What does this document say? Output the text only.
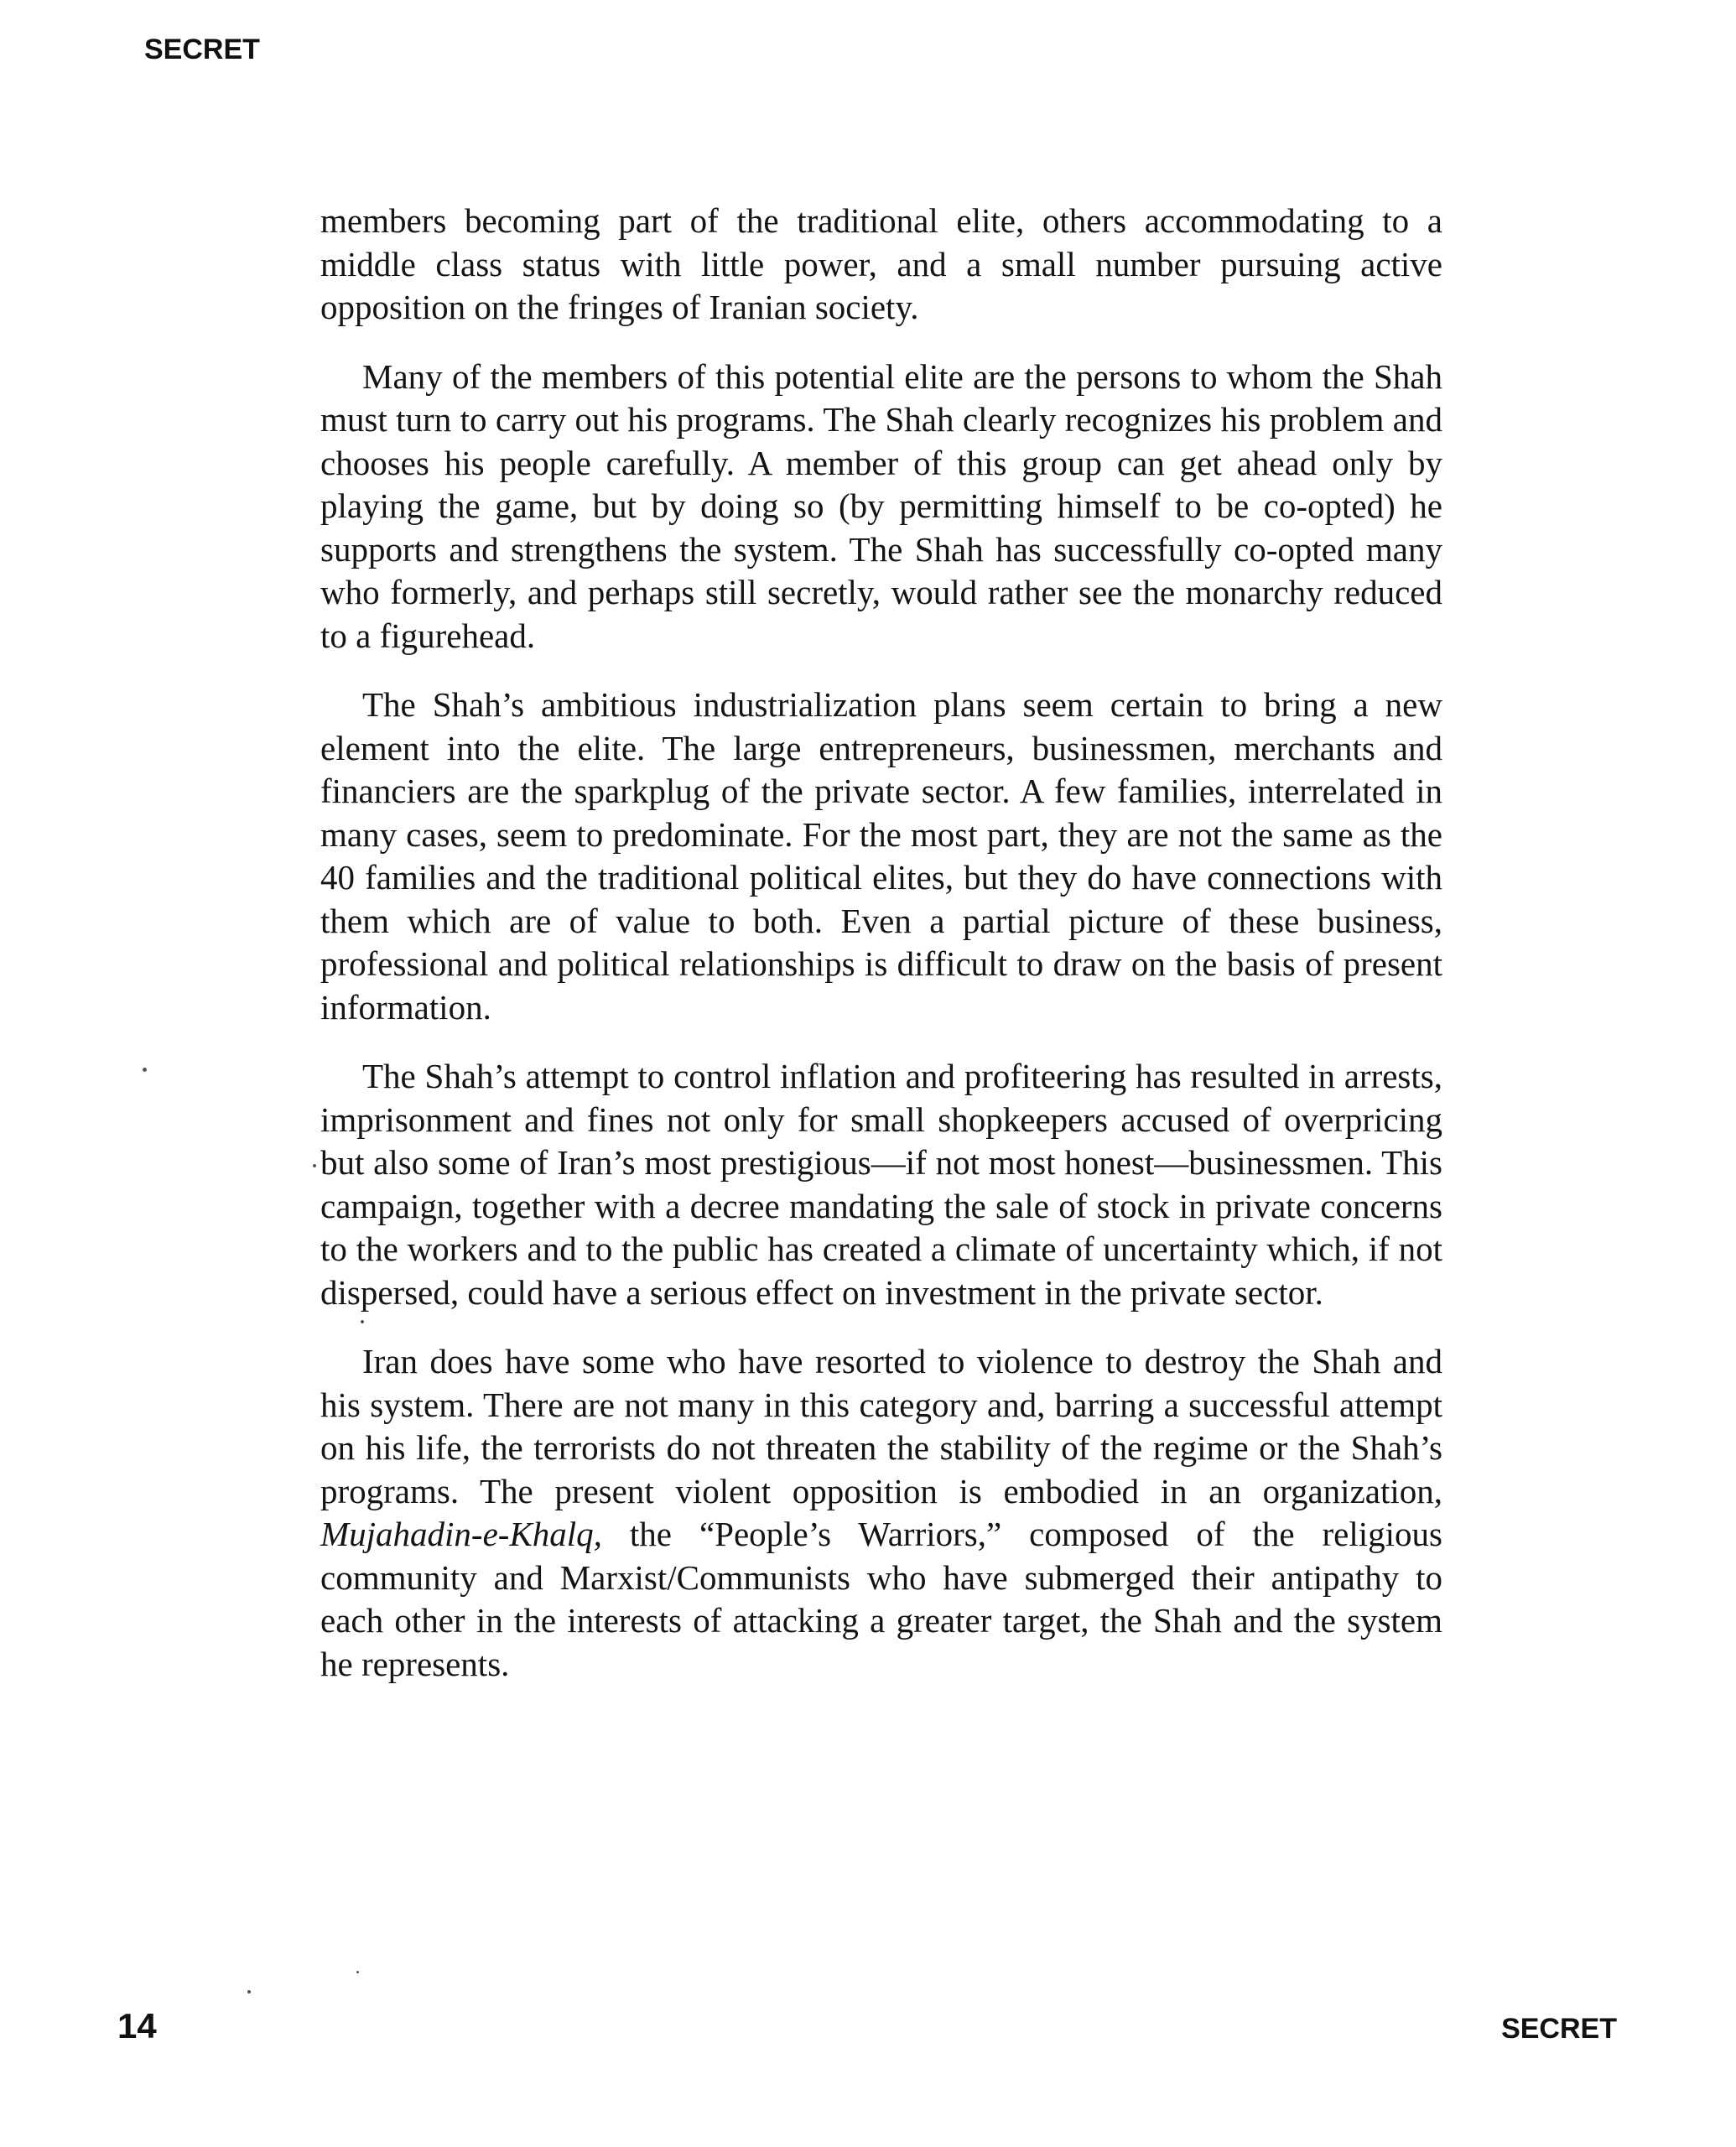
SECRET

members becoming part of the traditional elite, others accommodating to a middle class status with little power, and a small number pursuing active opposition on the fringes of Iranian society.

Many of the members of this potential elite are the persons to whom the Shah must turn to carry out his programs. The Shah clearly recognizes his problem and chooses his people carefully. A member of this group can get ahead only by playing the game, but by doing so (by permitting himself to be co-opted) he supports and strengthens the system. The Shah has successfully co-opted many who formerly, and perhaps still secretly, would rather see the monarchy reduced to a figurehead.

The Shah’s ambitious industrialization plans seem certain to bring a new element into the elite. The large entrepreneurs, businessmen, merchants and financiers are the sparkplug of the private sector. A few families, interrelated in many cases, seem to predominate. For the most part, they are not the same as the 40 families and the traditional political elites, but they do have connections with them which are of value to both. Even a partial picture of these business, professional and political relationships is difficult to draw on the basis of present information.

The Shah’s attempt to control inflation and profiteering has resulted in arrests, imprisonment and fines not only for small shopkeepers accused of overpricing but also some of Iran’s most prestigious—if not most honest—businessmen. This campaign, together with a decree mandating the sale of stock in private concerns to the workers and to the public has created a climate of uncertainty which, if not dispersed, could have a serious effect on investment in the private sector.

Iran does have some who have resorted to violence to destroy the Shah and his system. There are not many in this category and, barring a successful attempt on his life, the terrorists do not threaten the stability of the regime or the Shah’s programs. The present violent opposition is embodied in an organization, Mujahadin-e-Khalq, the “People’s Warriors,” composed of the religious community and Marxist/Communists who have submerged their antipathy to each other in the interests of attacking a greater target, the Shah and the system he represents.

14	SECRET
